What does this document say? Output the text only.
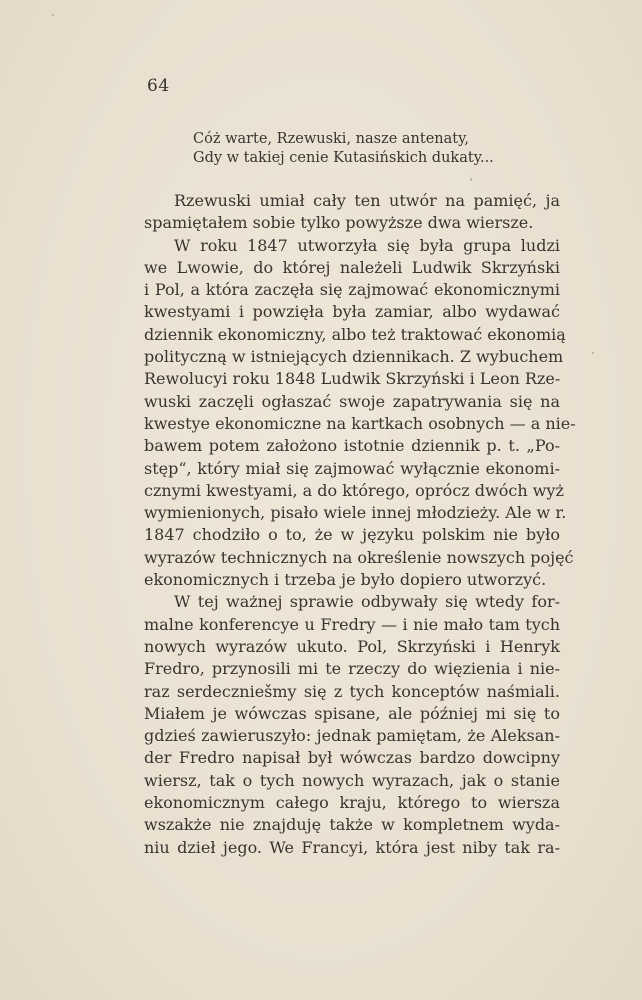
64
Cóż warte, Rzewuski, nasze antenaty,
Gdy w takiej cenie Kutasińskich dukaty...
Rzewuski umiał cały ten utwór na pamięć, ja
spamiętałem sobie tylko powyższe dwa wiersze.
W roku 1847 utworzyła się była grupa ludzi
we Lwowie, do której należeli Ludwik Skrzyński
i Pol, a która zaczęła się zajmować ekonomicznymi
kwestyami i powzięła była zamiar, albo wydawać
dziennik ekonomiczny, albo też traktować ekonomią
polityczną w istniejących dziennikach. Z wybuchem
Rewolucyi roku 1848 Ludwik Skrzyński i Leon Rze-
wuski zaczęli ogłaszać swoje zapatrywania się na
kwestye ekonomiczne na kartkach osobnych — a nie-
bawem potem założono istotnie dziennik p. t. „Po-
stęp“, który miał się zajmować wyłącznie ekonomi-
cznymi kwestyami, a do którego, oprócz dwóch wyż
wymienionych, pisało wiele innej młodzieży. Ale w r.
1847 chodziło o to, że w języku polskim nie było
wyrazów technicznych na określenie nowszych pojęć
ekonomicznych i trzeba je było dopiero utworzyć.
W tej ważnej sprawie odbywały się wtedy for-
malne konferencye u Fredry — i nie mało tam tych
nowych wyrazów ukuto. Pol, Skrzyński i Henryk
Fredro, przynosili mi te rzeczy do więzienia i nie-
raz serdeczniešmy się z tych konceptów naśmiali.
Miałem je wówczas spisane, ale później mi się to
gdzieś zawieruszyło: jednak pamiętam, że Aleksan-
der Fredro napisał był wówczas bardzo dowcipny
wiersz, tak o tych nowych wyrazach, jak o stanie
ekonomicznym całego kraju, którego to wiersza
wszakże nie znajduję także w kompletnem wyda-
niu dzieł jego. We Francyi, która jest niby tak ra-
